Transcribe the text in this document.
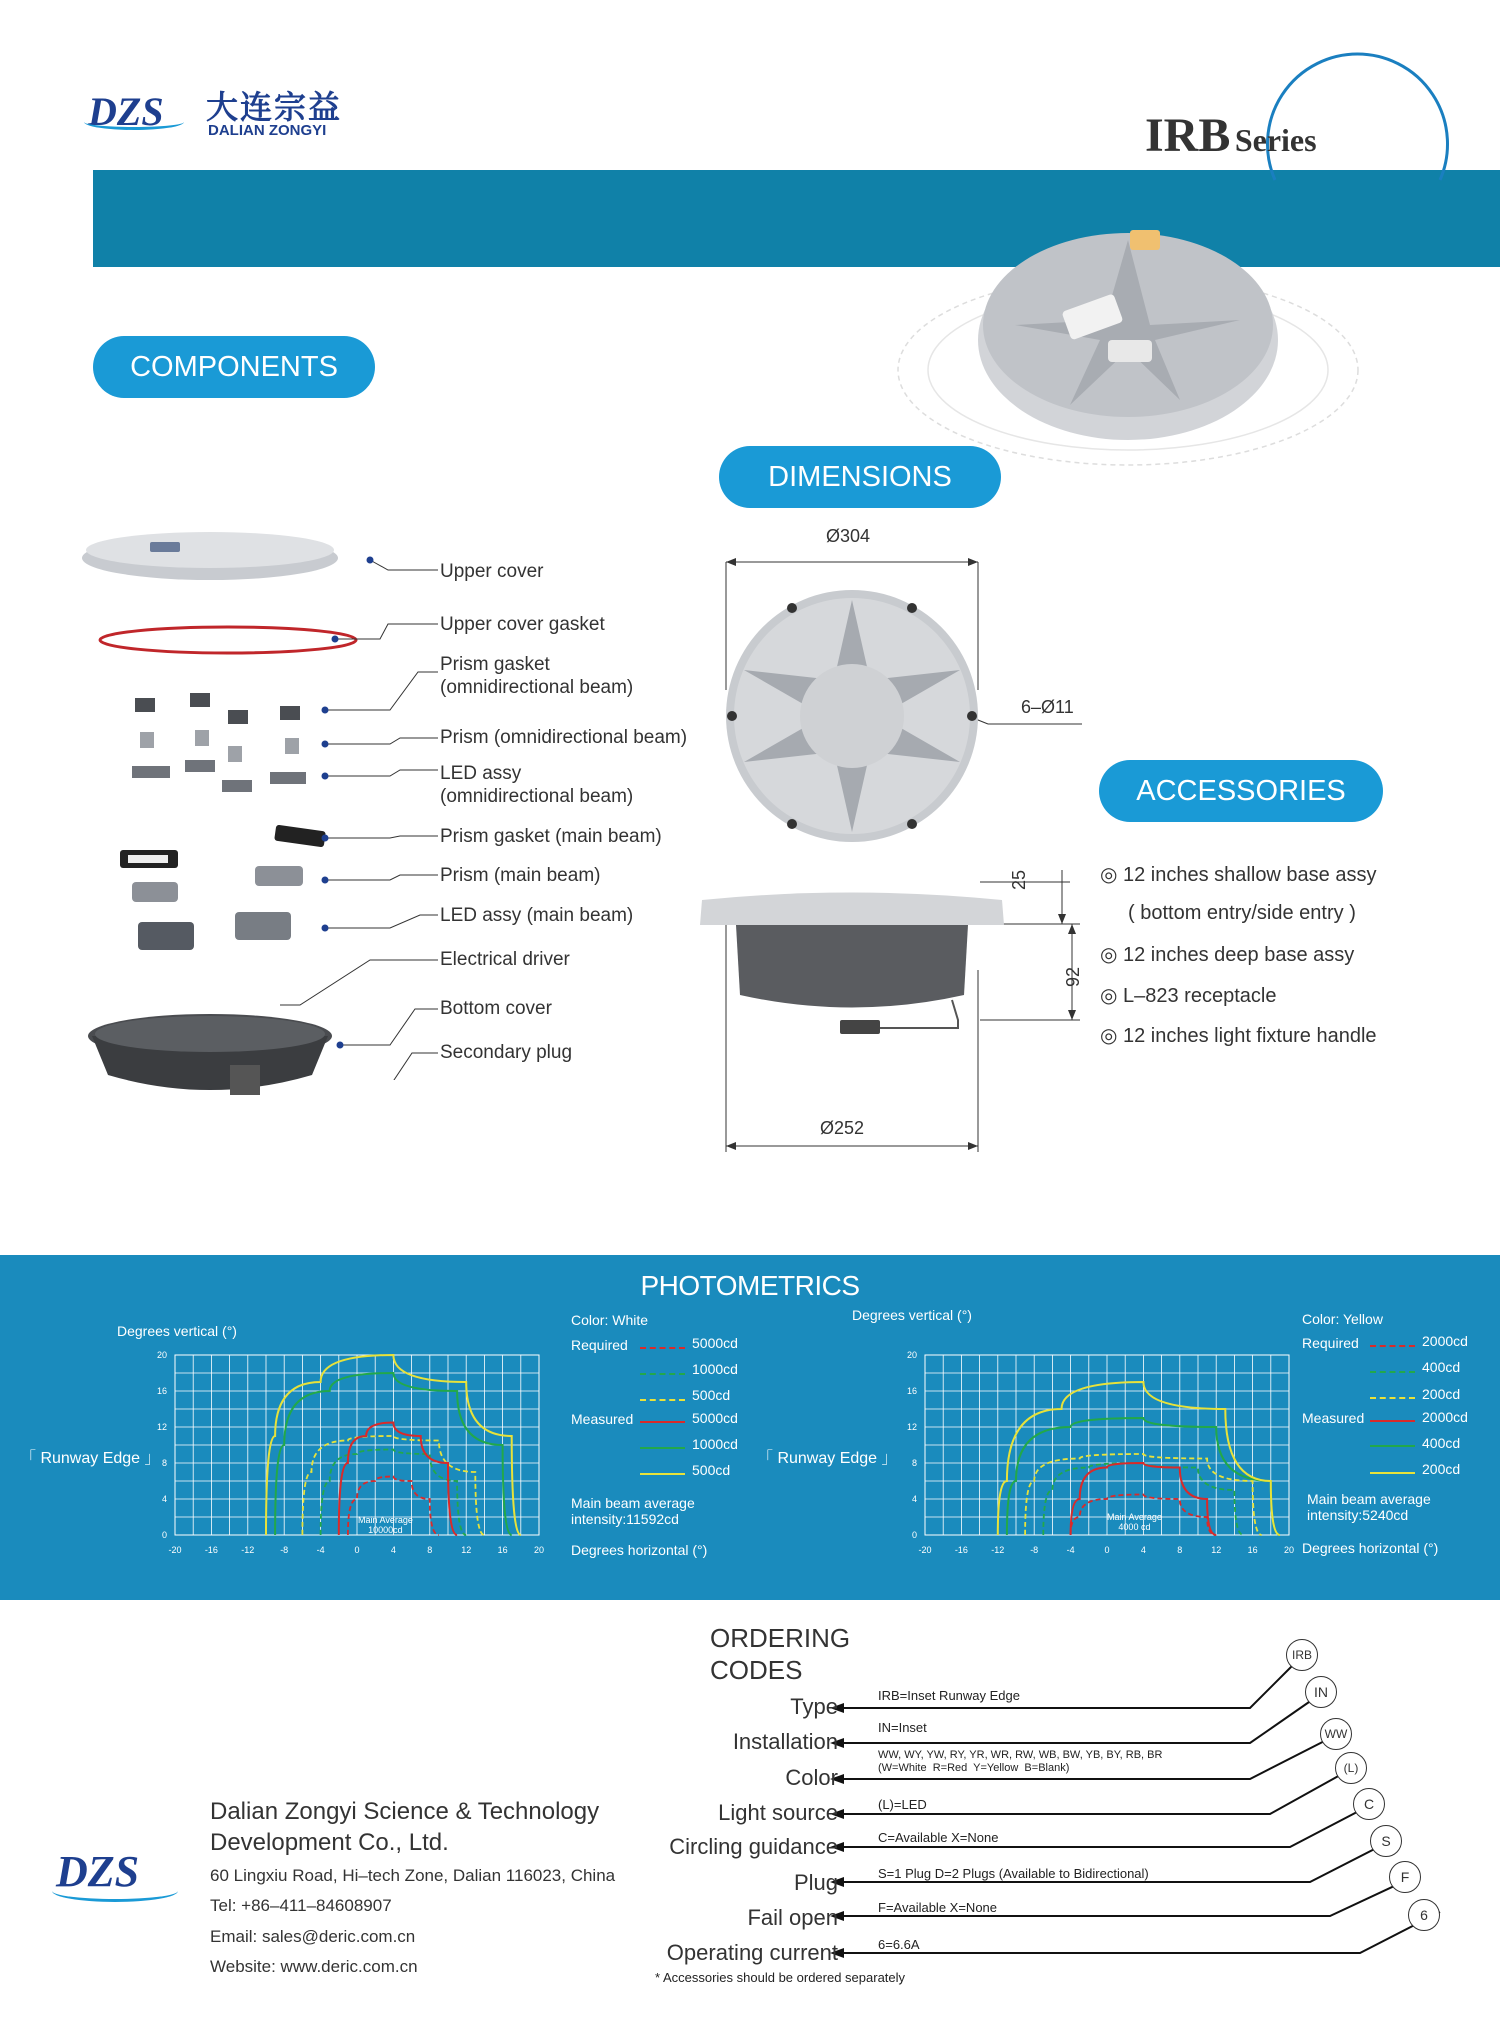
DZS 大连宗益
DALIAN ZONGYI	IRB Series
COMPONENTS
Upper cover
Upper cover gasket
Prism gasket
(omnidirectional beam)
Prism (omnidirectional beam)
LED assy
(omnidirectional beam)
Prism gasket (main beam)
Prism (main beam)
LED assy (main beam)
Electrical driver
Bottom cover
Secondary plug
DIMENSIONS
Ø304
6–Ø11
25
92
Ø252
ACCESSORIES
◎ 12 inches shallow base assy
( bottom entry/side entry )
◎ 12 inches deep base assy
◎ L–823 receptacle
◎ 12 inches light fixture handle
PHOTOMETRICS
Degrees vertical (°)
「 Runway Edge 」
-20	-16	-12	-8	-4	0	4	8	12	16	20
0
4
8
12
16
20
Main Average
10000cd
Color: White
Required
Measured
5000cd
1000cd
500cd
5000cd
1000cd
500cd
Main beam average
intensity:11592cd
Degrees horizontal (°)
Degrees vertical (°)
「 Runway Edge 」
-20	-16	-12	-8	-4	0	4	8	12	16	20
0
4
8
12
16
20
Main Average
4000 cd
Color: Yellow
Required
Measured
2000cd
400cd
200cd
2000cd
400cd
200cd
Main beam average
intensity:5240cd
Degrees horizontal (°)
ORDERING
CODES
Type
Installation
Color
Light source
Circling guidance
Plug
Fail open
Operating current
IRB=Inset Runway Edge
IN=Inset
WW, WY, YW, RY, YR, WR, RW, WB, BW, YB, BY, RB, BR
(W=White  R=Red  Y=Yellow  B=Blank)
(L)=LED
C=Available X=None
S=1 Plug D=2 Plugs (Available to Bidirectional)
F=Available X=None
6=6.6A
IRB
IN
WW
(L)
C
S
F
6
* Accessories should be ordered separately
DZS
Dalian Zongyi Science & Technology
Development Co., Ltd.
60 Lingxiu Road, Hi–tech Zone, Dalian 116023, China
Tel: +86–411–84608907
Email: sales@deric.com.cn
Website: www.deric.com.cn
